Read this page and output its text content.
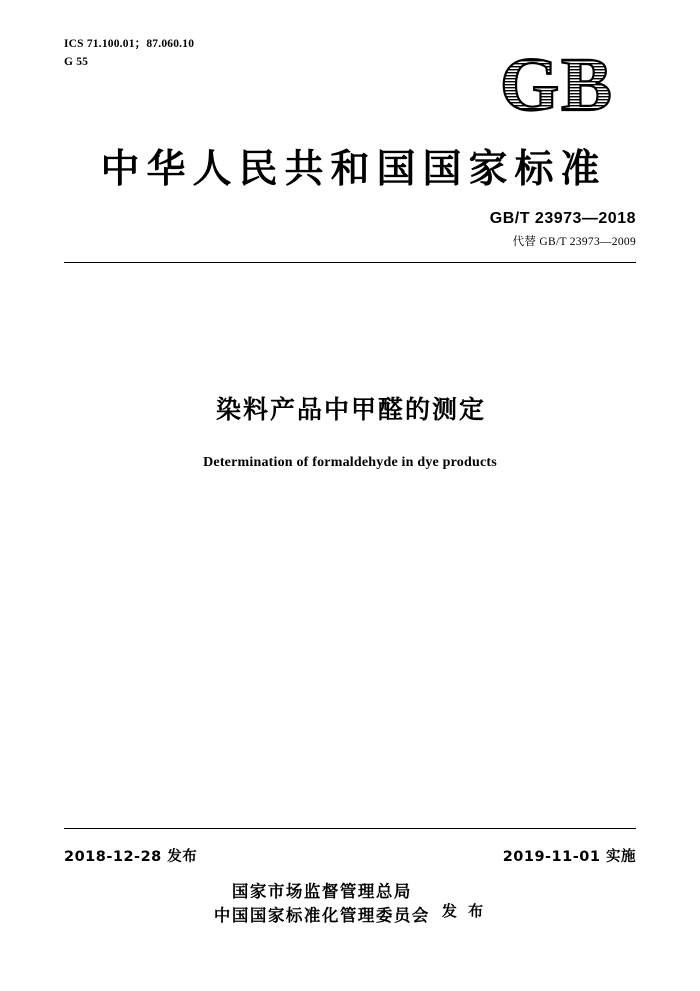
ICS 71.100.01；87.060.10
G 55	GB
中华人民共和国国家标准
GB/T 23973—2018
代替 GB/T 23973—2009
染料产品中甲醛的测定
Determination of formaldehyde in dye products
2018-12-28 发布	2019-11-01 实施
国家市场监督管理总局
中国国家标准化管理委员会 发 布
